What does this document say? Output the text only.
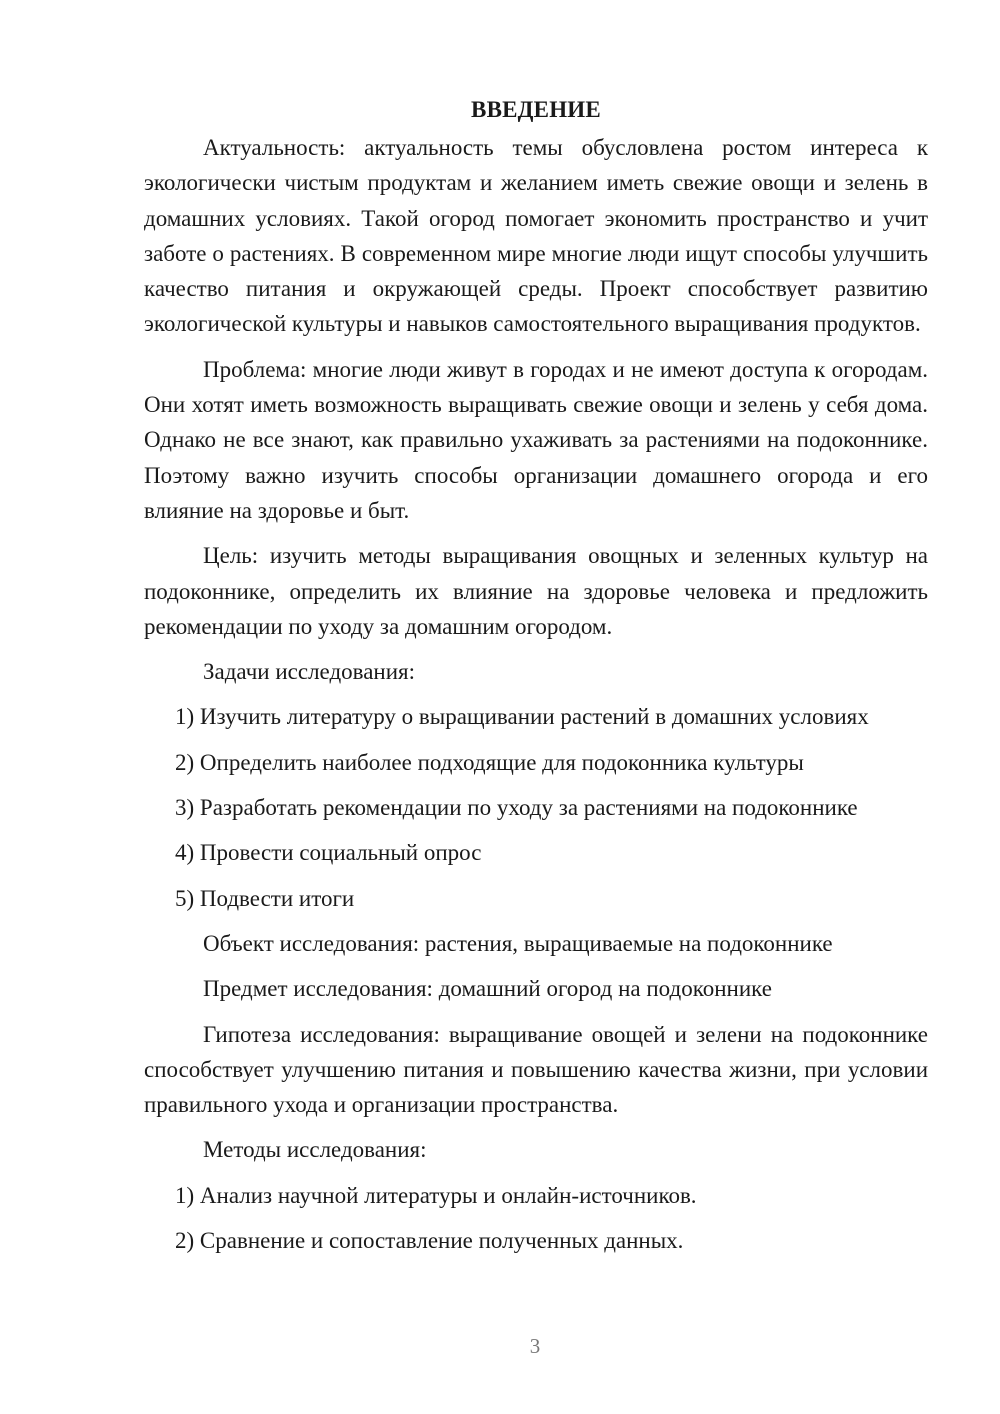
ВВЕДЕНИЕ

Актуальность: актуальность темы обусловлена ростом интереса к экологически чистым продуктам и желанием иметь свежие овощи и зелень в домашних условиях. Такой огород помогает экономить пространство и учит заботе о растениях. В современном мире многие люди ищут способы улучшить качество питания и окружающей среды. Проект способствует развитию экологической культуры и навыков самостоятельного выращивания продуктов.

Проблема: многие люди живут в городах и не имеют доступа к огородам. Они хотят иметь возможность выращивать свежие овощи и зелень у себя дома. Однако не все знают, как правильно ухаживать за растениями на подоконнике. Поэтому важно изучить способы организации домашнего огорода и его влияние на здоровье и быт.

Цель: изучить методы выращивания овощных и зеленных культур на подоконнике, определить их влияние на здоровье человека и предложить рекомендации по уходу за домашним огородом.

Задачи исследования:
1) Изучить литературу о выращивании растений в домашних условиях
2) Определить наиболее подходящие для подоконника культуры
3) Разработать рекомендации по уходу за растениями на подоконнике
4) Провести социальный опрос
5) Подвести итоги
Объект исследования: растения, выращиваемые на подоконнике
Предмет исследования: домашний огород на подоконнике

Гипотеза исследования: выращивание овощей и зелени на подоконнике способствует улучшению питания и повышению качества жизни, при условии правильного ухода и организации пространства.

Методы исследования:
1) Анализ научной литературы и онлайн-источников.
2) Сравнение и сопоставление полученных данных.
3
